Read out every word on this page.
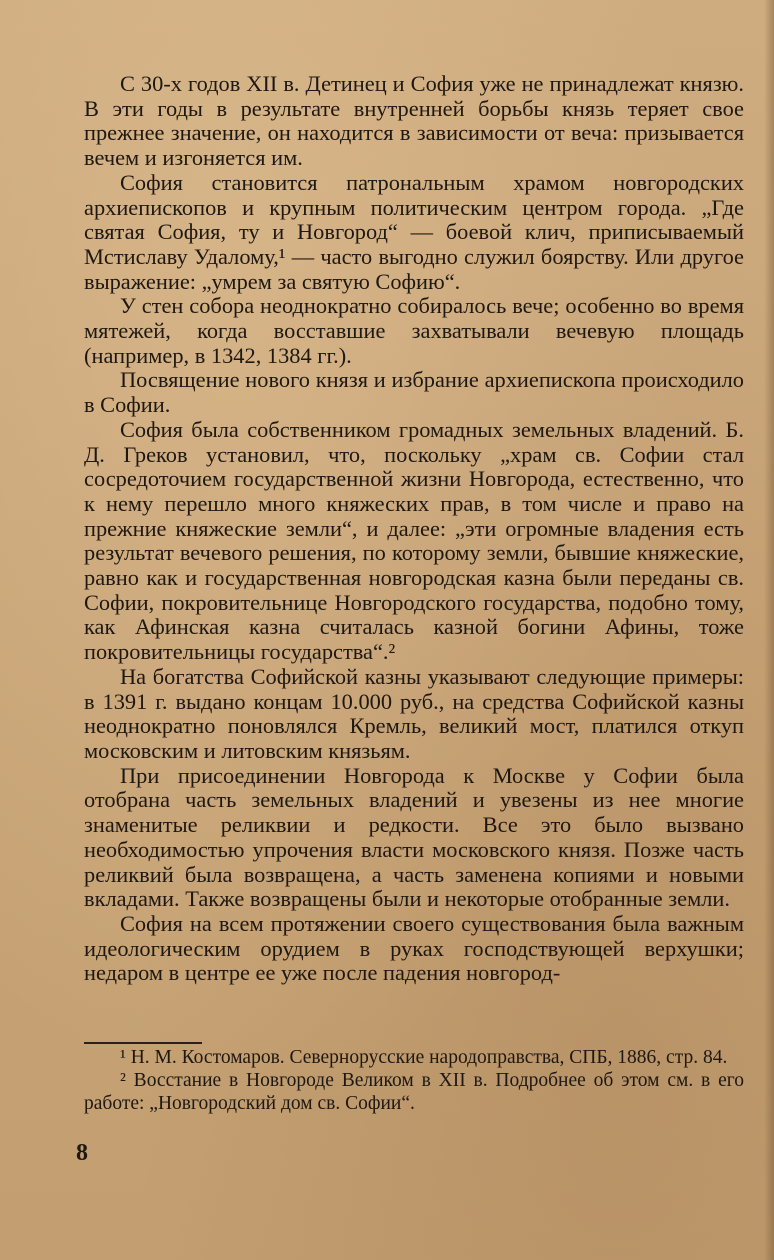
С 30-х годов XII в. Детинец и София уже не принадлежат князю. В эти годы в результате внутренней борьбы князь теряет свое прежнее значение, он находится в зависимости от веча: призывается вечем и изгоняется им.

София становится патрональным храмом новгородских архиепископов и крупным политическим центром города. „Где святая София, ту и Новгород“ — боевой клич, приписываемый Мстиславу Удалому,¹ — часто выгодно служил боярству. Или другое выражение: „умрем за святую Софию“.

У стен собора неоднократно собиралось вече; особенно во время мятежей, когда восставшие захватывали вечевую площадь (например, в 1342, 1384 гг.).

Посвящение нового князя и избрание архиепископа происходило в Софии.

София была собственником громадных земельных владений. Б. Д. Греков установил, что, поскольку „храм св. Софии стал сосредоточием государственной жизни Новгорода, естественно, что к нему перешло много княжеских прав, в том числе и право на прежние княжеские земли“, и далее: „эти огромные владения есть результат вечевого решения, по которому земли, бывшие княжеские, равно как и государственная новгородская казна были переданы св. Софии, покровительнице Новгородского государства, подобно тому, как Афинская казна считалась казной богини Афины, тоже покровительницы государства“.²

На богатства Софийской казны указывают следующие примеры: в 1391 г. выдано концам 10.000 руб., на средства Софийской казны неоднократно поновлялся Кремль, великий мост, платился откуп московским и литовским князьям.

При присоединении Новгорода к Москве у Софии была отобрана часть земельных владений и увезены из нее многие знаменитые реликвии и редкости. Все это было вызвано необходимостью упрочения власти московского князя. Позже часть реликвий была возвращена, а часть заменена копиями и новыми вкладами. Также возвращены были и некоторые отобранные земли.

София на всем протяжении своего существования была важным идеологическим орудием в руках господствующей верхушки; недаром в центре ее уже после падения новгород-

¹ Н. М. Костомаров. Севернорусские народоправства, СПБ, 1886, стр. 84.

² Восстание в Новгороде Великом в XII в. Подробнее об этом см. в его работе: „Новгородский дом св. Софии“.

8
